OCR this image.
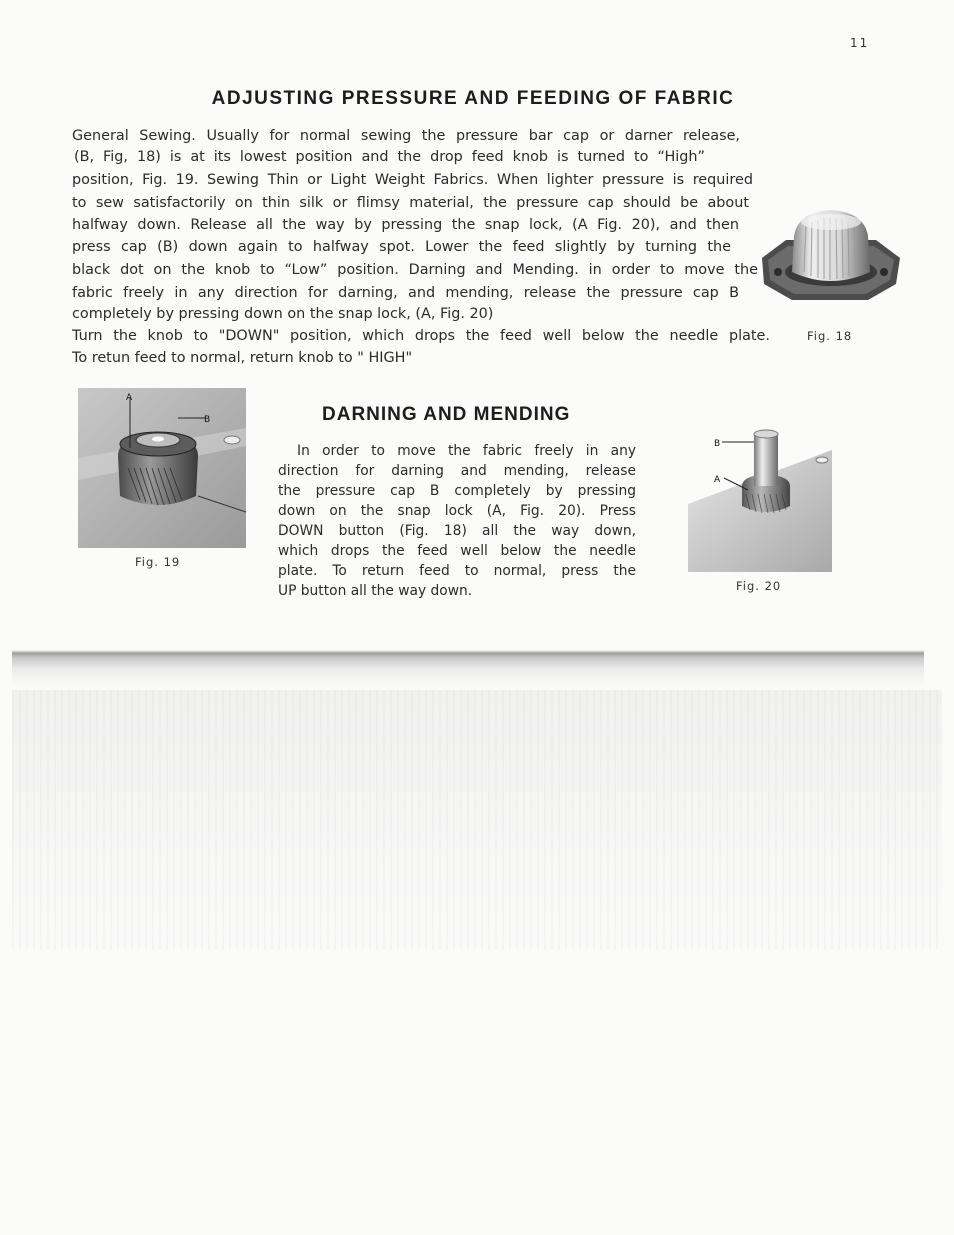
11
ADJUSTING PRESSURE AND FEEDING OF FABRIC
General Sewing. Usually for normal sewing the pressure bar cap or darner release,
(B, Fig, 18) is at its lowest position and the drop feed knob is turned to “High”
position, Fig. 19. Sewing Thin or Light Weight Fabrics. When lighter pressure is required
to sew satisfactorily on thin silk or flimsy material, the pressure cap should be about
halfway down. Release all the way by pressing the snap lock, (A Fig. 20), and then
press cap (B) down again to halfway spot. Lower the feed slightly by turning the
black dot on the knob to “Low” position. Darning and Mending. in order to move the
fabric freely in any direction for darning, and mending, release the pressure cap B
completely by pressing down on the snap lock, (A, Fig. 20)
Turn the knob to "DOWN" position, which drops the feed well below the needle plate.
To retun feed to normal, return knob to " HIGH"
Fig. 18
A
B
Fig. 19
DARNING AND MENDING
In order to move the fabric freely in any
direction for darning and mending, release
the pressure cap B completely by pressing
down on the snap lock (A, Fig. 20). Press
DOWN button (Fig. 18) all the way down,
which drops the feed well below the needle
plate. To return feed to normal, press the
UP button all the way down.
B
A
Fig. 20
